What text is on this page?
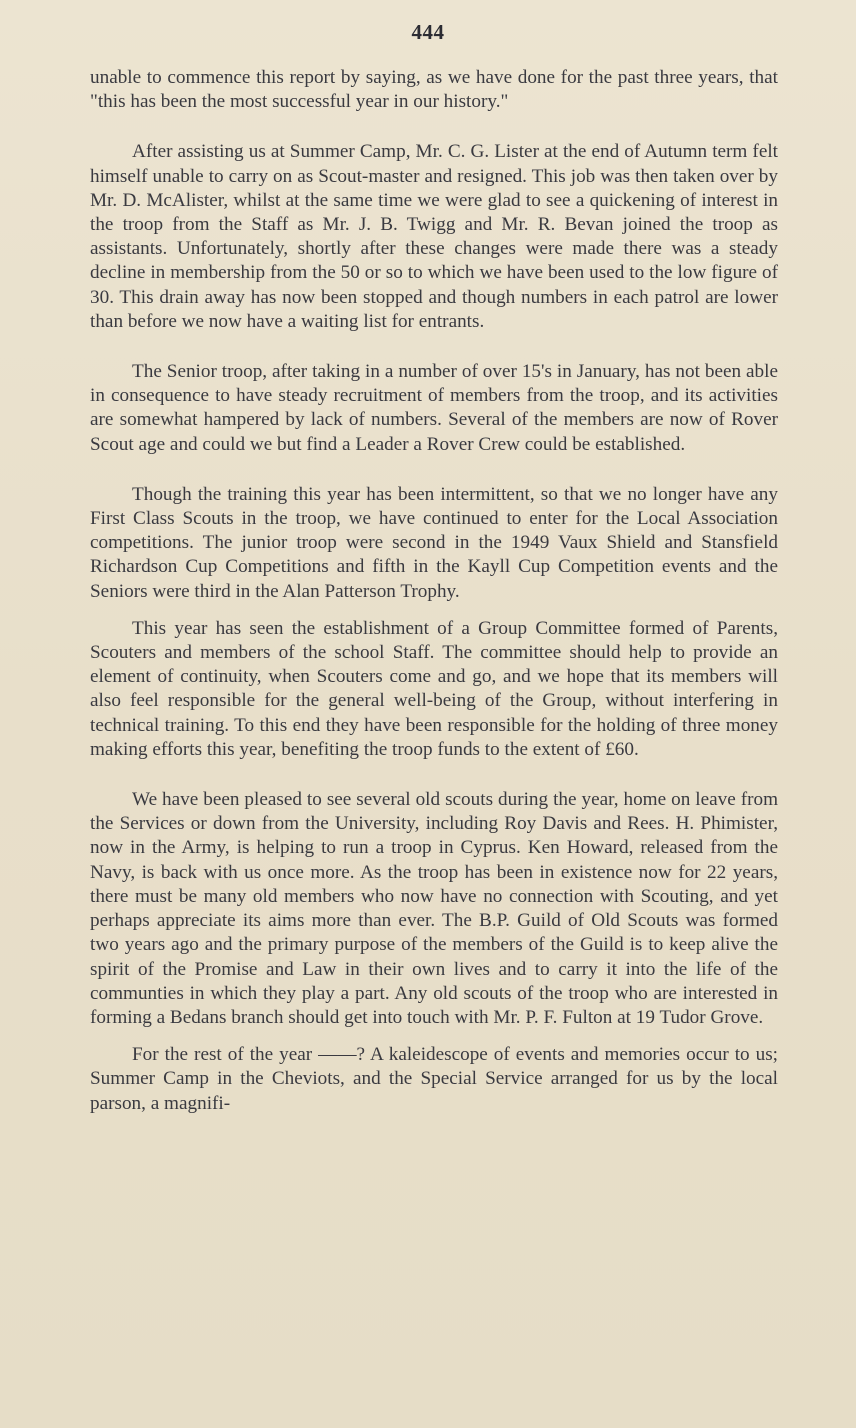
444

unable to commence this report by saying, as we have done for the past three years, that "this has been the most successful year in our history."

After assisting us at Summer Camp, Mr. C. G. Lister at the end of Autumn term felt himself unable to carry on as Scout-master and resigned. This job was then taken over by Mr. D. McAlister, whilst at the same time we were glad to see a quickening of interest in the troop from the Staff as Mr. J. B. Twigg and Mr. R. Bevan joined the troop as assistants. Unfortunately, shortly after these changes were made there was a steady decline in membership from the 50 or so to which we have been used to the low figure of 30. This drain away has now been stopped and though numbers in each patrol are lower than before we now have a waiting list for entrants.

The Senior troop, after taking in a number of over 15's in January, has not been able in consequence to have steady recruitment of members from the troop, and its activities are somewhat hampered by lack of numbers. Several of the members are now of Rover Scout age and could we but find a Leader a Rover Crew could be established.

Though the training this year has been intermittent, so that we no longer have any First Class Scouts in the troop, we have continued to enter for the Local Association competitions. The junior troop were second in the 1949 Vaux Shield and Stansfield Richardson Cup Competitions and fifth in the Kayll Cup Competition events and the Seniors were third in the Alan Patterson Trophy.

This year has seen the establishment of a Group Committee formed of Parents, Scouters and members of the school Staff. The committee should help to provide an element of continuity, when Scouters come and go, and we hope that its members will also feel responsible for the general well-being of the Group, without interfering in technical training. To this end they have been responsible for the holding of three money making efforts this year, benefiting the troop funds to the extent of £60.

We have been pleased to see several old scouts during the year, home on leave from the Services or down from the University, including Roy Davis and Rees. H. Phimister, now in the Army, is helping to run a troop in Cyprus. Ken Howard, released from the Navy, is back with us once more. As the troop has been in existence now for 22 years, there must be many old members who now have no connection with Scouting, and yet perhaps appreciate its aims more than ever. The B.P. Guild of Old Scouts was formed two years ago and the primary purpose of the members of the Guild is to keep alive the spirit of the Promise and Law in their own lives and to carry it into the life of the communties in which they play a part. Any old scouts of the troop who are interested in forming a Bedans branch should get into touch with Mr. P. F. Fulton at 19 Tudor Grove.

For the rest of the year ——? A kaleidescope of events and memories occur to us; Summer Camp in the Cheviots, and the Special Service arranged for us by the local parson, a magnifi-
